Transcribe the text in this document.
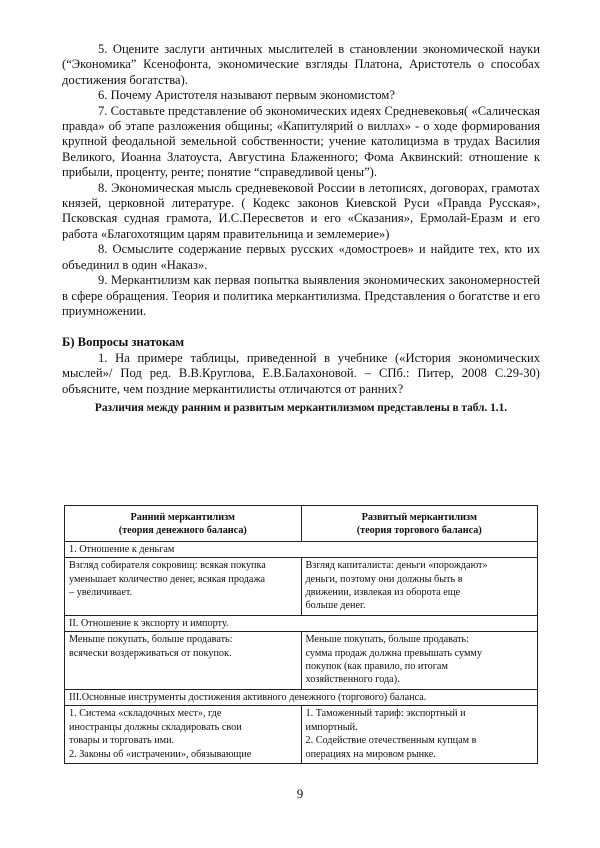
5. Оцените заслуги античных мыслителей в становлении экономической науки (“Экономика” Ксенофонта, экономические взгляды Платона, Аристотель о способах достижения богатства).

6. Почему Аристотеля называют первым экономистом?

7. Составьте представление об экономических идеях Средневековья( «Салическая правда» об этапе разложения общины; «Капитулярий о виллах» - о ходе формирования крупной феодальной земельной собственности; учение католицизма в трудах Василия Великого, Иоанна Златоуста, Августина Блаженного; Фома Аквинский: отношение к прибыли, проценту, ренте; понятие “справедливой цены”).

8. Экономическая мысль средневековой России в летописях, договорах, грамотах князей, церковной литературе. ( Кодекс законов Киевской Руси «Правда Русская», Псковская судная грамота, И.С.Пересветов и его «Сказания», Ермолай-Еразм и его работа «Благохотящим царям правительница и землемерие»)

8. Осмыслите содержание первых русских «домостроев» и найдите тех, кто их объединил в один «Наказ».

9. Меркантилизм как первая попытка выявления экономических закономерностей в сфере обращения. Теория и политика меркантилизма. Представления о богатстве и его приумножении.

Б) Вопросы знатокам

1. На примере таблицы, приведенной в учебнике («История экономических мыслей»/ Под ред. В.В.Круглова, Е.В.Балахоновой. – СПб.: Питер, 2008 С.29-30) объясните, чем поздние меркантилисты отличаются от ранних?

Различия между ранним и развитым меркантилизмом представлены в табл. 1.1.
Ранний меркантилизм
(теория денежного баланса)	Развитый меркантилизм
(теория торгового баланса)

1. Отношение к деньгам	

Взгляд собирателя сокровищ: всякая покупка
уменьшает количество денег, всякая продажа
– увеличивает.	Взгляд капиталиста: деньги «порождают»
деньги, поэтому они должны быть в
движении, извлекая из оборота еще
больше денег.

II. Отношение к экспорту и импорту.	

Меньше покупать, больше продавать:
всячески воздерживаться от покупок.	Меньше покупать, больше продавать:
сумма продаж должна превышать сумму
покупок (как правило, по итогам
хозяйственного года).

III.Основные инструменты достижения активного денежного (торгового) баланса.	

1. Система «складочных мест», где
иностранцы должны складировать свои
товары и торговать ими.
2. Законы об «истрачении», обязывающие	1. Таможенный тариф: экспортный и
импортный.
2. Содействие отечественным купцам в
операциях на мировом рынке.
9
